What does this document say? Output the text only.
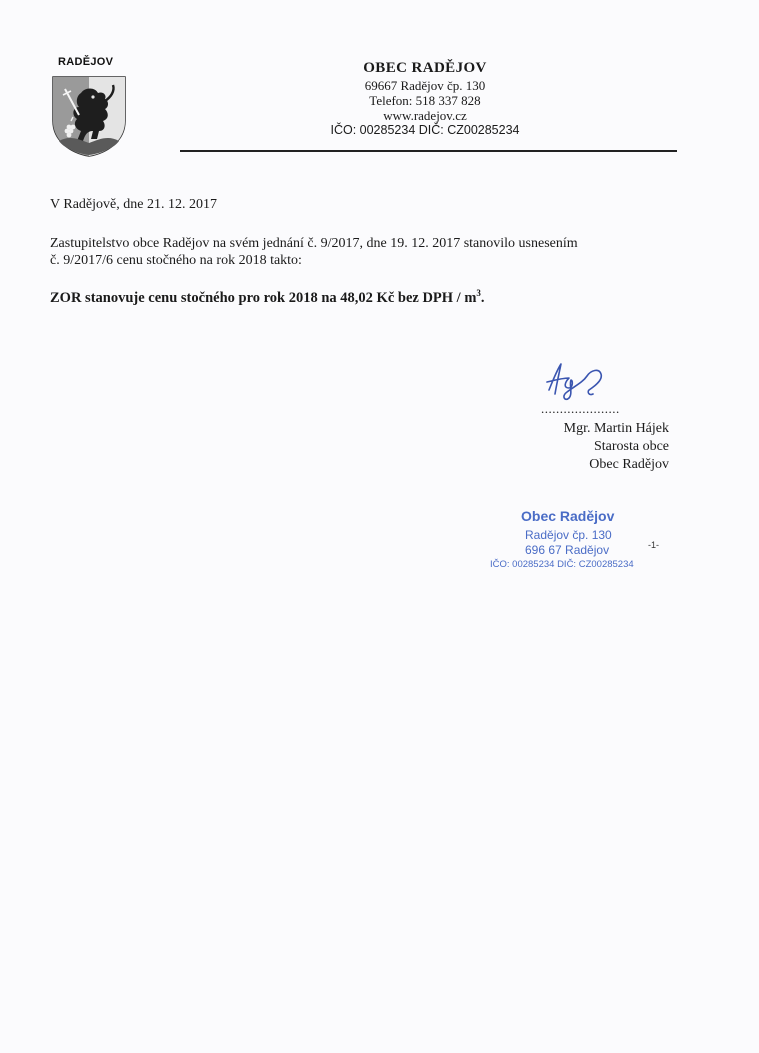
RADĚJOV	OBEC RADĚJOV
69667 Radějov čp. 130
Telefon: 518 337 828
www.radejov.cz
IČO: 00285234 DIČ: CZ00285234
V Radějově, dne 21. 12. 2017
Zastupitelstvo obce Radějov na svém jednání č. 9/2017, dne 19. 12. 2017 stanovilo usnesením
č. 9/2017/6 cenu stočného na rok 2018 takto:
ZOR stanovuje cenu stočného pro rok 2018 na 48,02 Kč bez DPH / $m^3$.
.....................
Mgr. Martin Hájek
Starosta obce
Obec Radějov
Obec Radějov
Radějov čp. 130
696 67 Radějov
IČO: 00285234 DIČ: CZ00285234
-1-
